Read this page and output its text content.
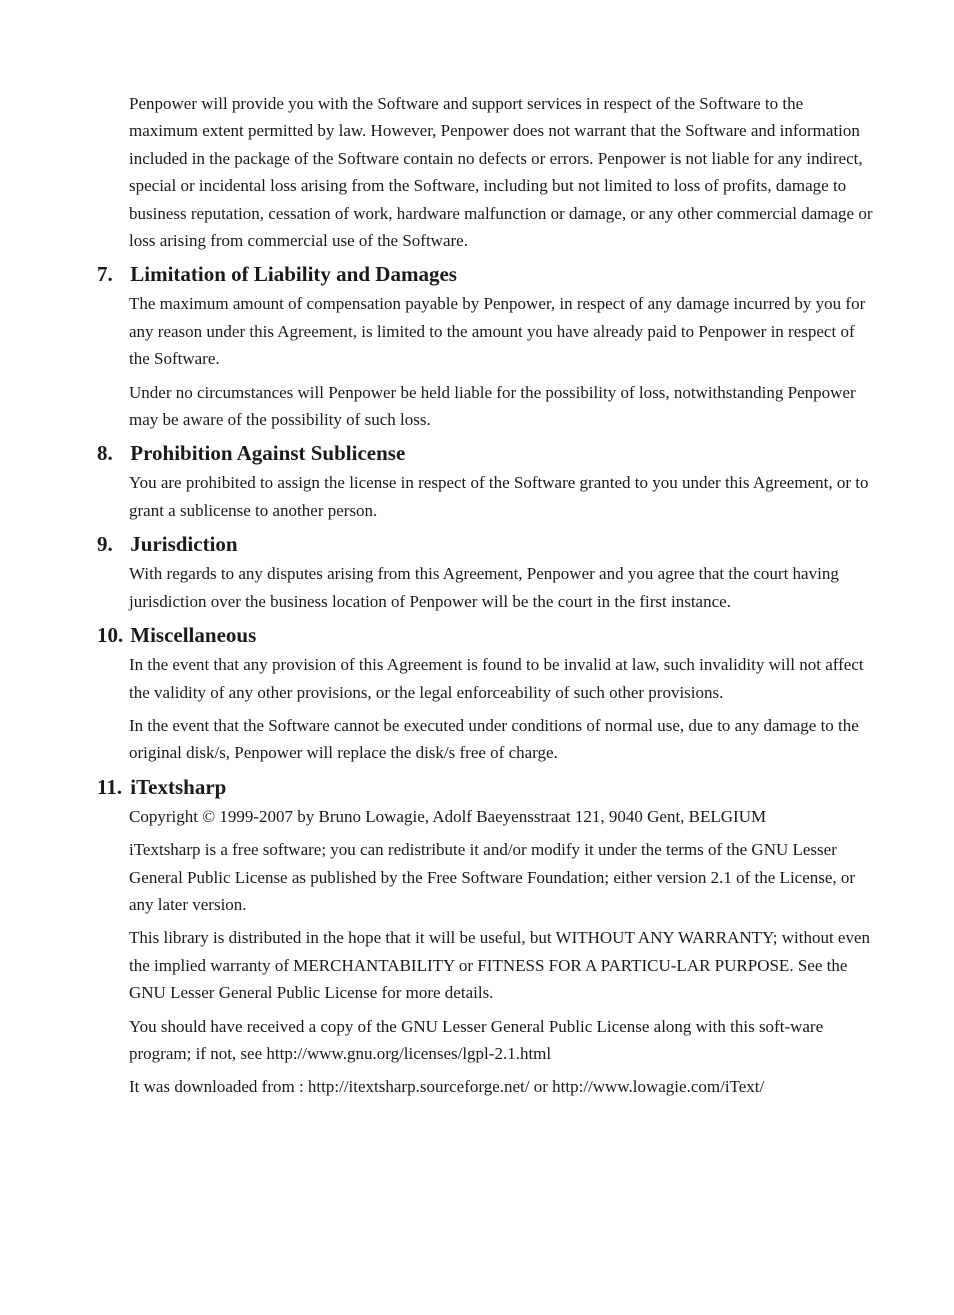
Penpower will provide you with the Software and support services in respect of the Software to the maximum extent permitted by law. However, Penpower does not warrant that the Software and information included in the package of the Software contain no defects or errors. Penpower is not liable for any indirect, special or incidental loss arising from the Software, including but not limited to loss of profits, damage to business reputation, cessation of work, hardware malfunction or damage, or any other commercial damage or loss arising from commercial use of the Software.

7. Limitation of Liability and Damages

The maximum amount of compensation payable by Penpower, in respect of any damage incurred by you for any reason under this Agreement, is limited to the amount you have already paid to Penpower in respect of the Software.

Under no circumstances will Penpower be held liable for the possibility of loss, notwithstanding Penpower may be aware of the possibility of such loss.

8. Prohibition Against Sublicense

You are prohibited to assign the license in respect of the Software granted to you under this Agreement, or to grant a sublicense to another person.

9. Jurisdiction

With regards to any disputes arising from this Agreement, Penpower and you agree that the court having jurisdiction over the business location of Penpower will be the court in the first instance.

10. Miscellaneous

In the event that any provision of this Agreement is found to be invalid at law, such invalidity will not affect the validity of any other provisions, or the legal enforceability of such other provisions.

In the event that the Software cannot be executed under conditions of normal use, due to any damage to the original disk/s, Penpower will replace the disk/s free of charge.

11. iTextsharp

Copyright © 1999-2007 by Bruno Lowagie, Adolf Baeyensstraat 121, 9040 Gent, BELGIUM

iTextsharp is a free software; you can redistribute it and/or modify it under the terms of the GNU Lesser General Public License as published by the Free Software Foundation; either version 2.1 of the License, or any later version.

This library is distributed in the hope that it will be useful, but WITHOUT ANY WARRANTY; without even the implied warranty of MERCHANTABILITY or FITNESS FOR A PARTICU-LAR PURPOSE. See the GNU Lesser General Public License for more details.

You should have received a copy of the GNU Lesser General Public License along with this soft-ware program; if not, see http://www.gnu.org/licenses/lgpl-2.1.html

It was downloaded from : http://itextsharp.sourceforge.net/ or http://www.lowagie.com/iText/
